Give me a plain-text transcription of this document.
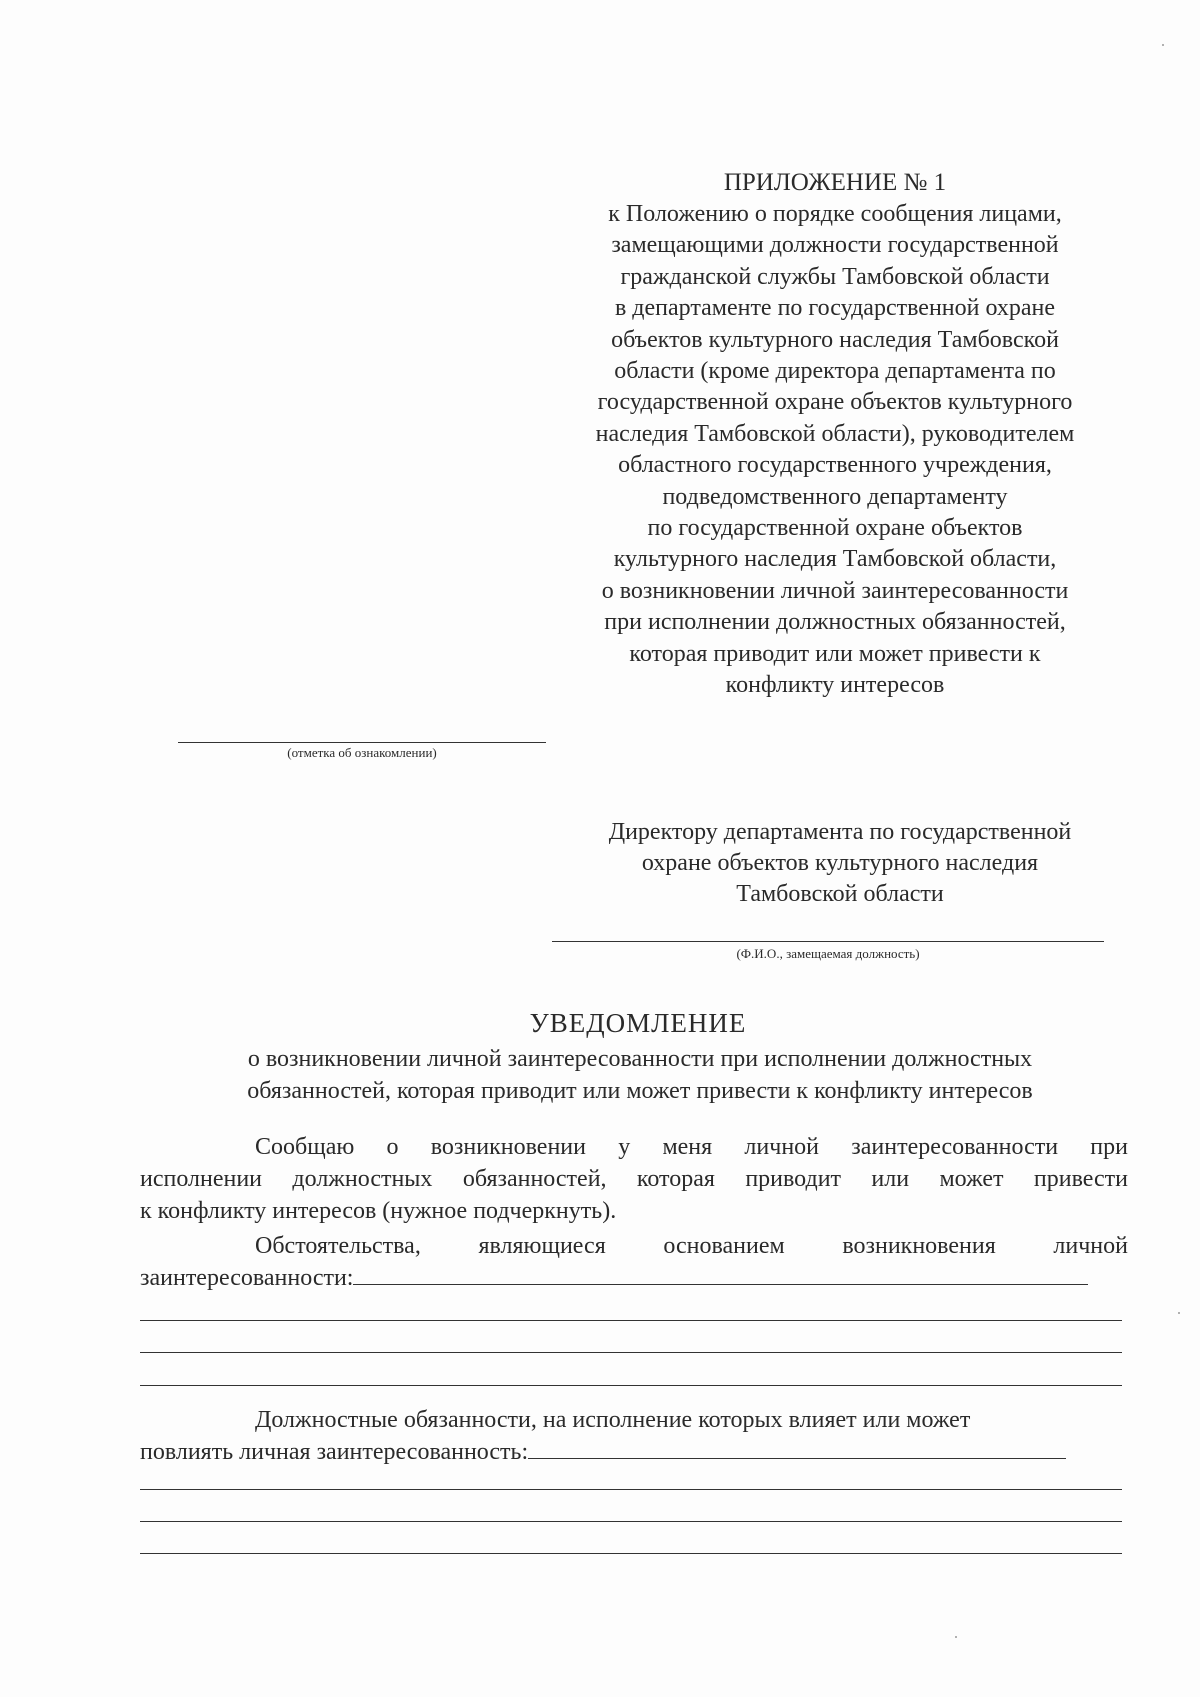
ПРИЛОЖЕНИЕ № 1
к Положению о порядке сообщения лицами,
замещающими должности государственной
гражданской службы Тамбовской области
в департаменте по государственной охране
объектов культурного наследия Тамбовской
области (кроме директора департамента по
государственной охране объектов культурного
наследия Тамбовской области), руководителем
областного государственного учреждения,
подведомственного департаменту
по государственной охране объектов
культурного наследия Тамбовской области,
о возникновении личной заинтересованности
при исполнении должностных обязанностей,
которая приводит или может привести к
конфликту интересов
(отметка об ознакомлении)
Директору департамента по государственной
охране объектов культурного наследия
Тамбовской области
(Ф.И.О., замещаемая должность)
УВЕДОМЛЕНИЕ
о возникновении личной заинтересованности при исполнении должностных
обязанностей, которая приводит или может привести к конфликту интересов
Сообщаю о возникновении у меня личной заинтересованности при
исполнении должностных обязанностей, которая приводит или может привести
к конфликту интересов (нужное подчеркнуть).
Обстоятельства, являющиеся основанием возникновения личной
заинтересованности:
Должностные обязанности, на исполнение которых влияет или может
повлиять личная заинтересованность:
